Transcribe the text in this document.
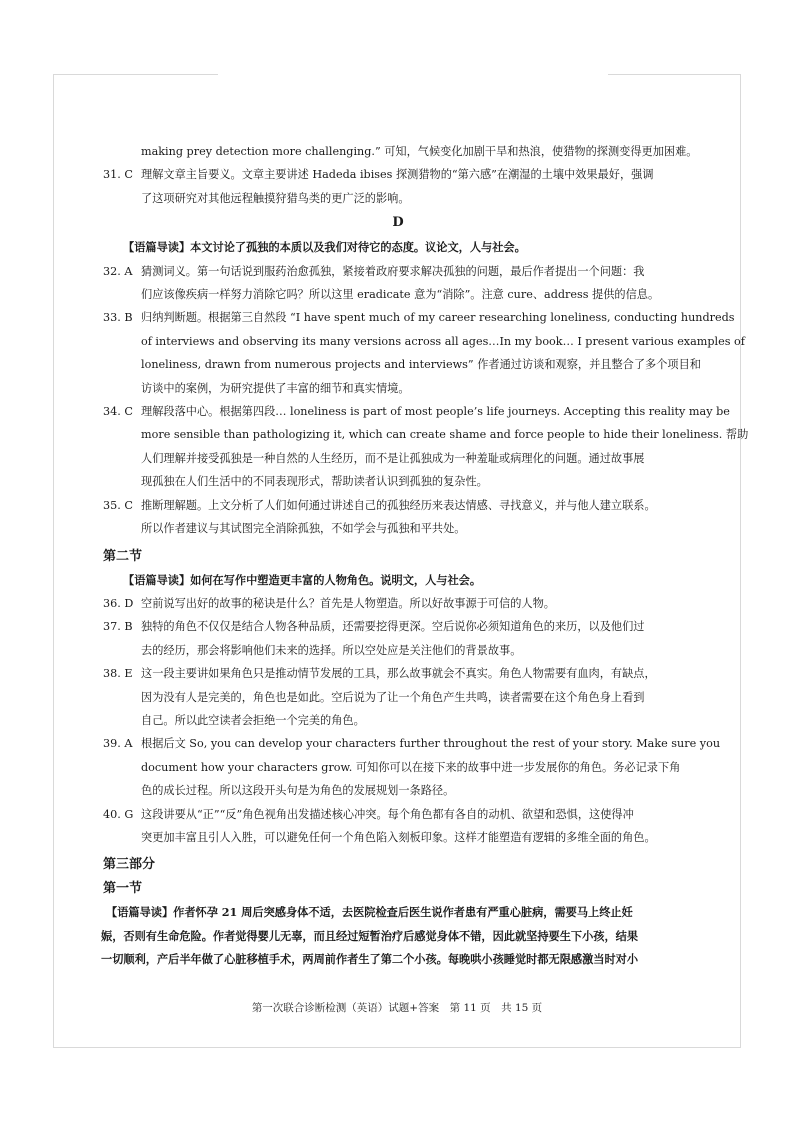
making prey detection more challenging.” 可知，气候变化加剧干旱和热浪，使猎物的探测变得更加困难。
31. C 理解文章主旨要义。文章主要讲述 Hadeda ibises 探测猎物的“第六感”在潮湿的土壤中效果最好，强调
了这项研究对其他远程触摸狩猎鸟类的更广泛的影响。
D
【语篇导读】本文讨论了孤独的本质以及我们对待它的态度。议论文，人与社会。
32. A 猜测词义。第一句话说到服药治愈孤独，紧接着政府要求解决孤独的问题，最后作者提出一个问题：我
们应该像疾病一样努力消除它吗？所以这里 eradicate 意为“消除”。注意 cure、address 提供的信息。
33. B 归纳判断题。根据第三自然段 “I have spent much of my career researching loneliness, conducting hundreds
of interviews and observing its many versions across all ages…In my book… I present various examples of
loneliness, drawn from numerous projects and interviews” 作者通过访谈和观察，并且整合了多个项目和
访谈中的案例，为研究提供了丰富的细节和真实情境。
34. C 理解段落中心。根据第四段… loneliness is part of most people’s life journeys. Accepting this reality may be
more sensible than pathologizing it, which can create shame and force people to hide their loneliness. 帮助
人们理解并接受孤独是一种自然的人生经历，而不是让孤独成为一种羞耻或病理化的问题。通过故事展
现孤独在人们生活中的不同表现形式，帮助读者认识到孤独的复杂性。
35. C 推断理解题。上文分析了人们如何通过讲述自己的孤独经历来表达情感、寻找意义，并与他人建立联系。
所以作者建议与其试图完全消除孤独，不如学会与孤独和平共处。
第二节
【语篇导读】如何在写作中塑造更丰富的人物角色。说明文，人与社会。
36. D 空前说写出好的故事的秘诀是什么？首先是人物塑造。所以好故事源于可信的人物。
37. B 独特的角色不仅仅是结合人物各种品质，还需要挖得更深。空后说你必须知道角色的来历，以及他们过
去的经历，那会将影响他们未来的选择。所以空处应是关注他们的背景故事。
38. E 这一段主要讲如果角色只是推动情节发展的工具，那么故事就会不真实。角色人物需要有血肉，有缺点，
因为没有人是完美的，角色也是如此。空后说为了让一个角色产生共鸣，读者需要在这个角色身上看到
自己。所以此空读者会拒绝一个完美的角色。
39. A 根据后文 So, you can develop your characters further throughout the rest of your story. Make sure you
document how your characters grow. 可知你可以在接下来的故事中进一步发展你的角色。务必记录下角
色的成长过程。所以这段开头句是为角色的发展规划一条路径。
40. G 这段讲要从“正”“反”角色视角出发描述核心冲突。每个角色都有各自的动机、欲望和恐惧，这使得冲
突更加丰富且引人入胜，可以避免任何一个角色陷入刻板印象。这样才能塑造有逻辑的多维全面的角色。
第三部分
第一节
【语篇导读】作者怀孕 21 周后突感身体不适，去医院检查后医生说作者患有严重心脏病，需要马上终止妊
娠，否则有生命危险。作者觉得婴儿无辜，而且经过短暂治疗后感觉身体不错，因此就坚持要生下小孩，结果
一切顺利，产后半年做了心脏移植手术，两周前作者生了第二个小孩。每晚哄小孩睡觉时都无限感激当时对小
第一次联合诊断检测（英语）试题+答案　第 11 页　共 15 页
